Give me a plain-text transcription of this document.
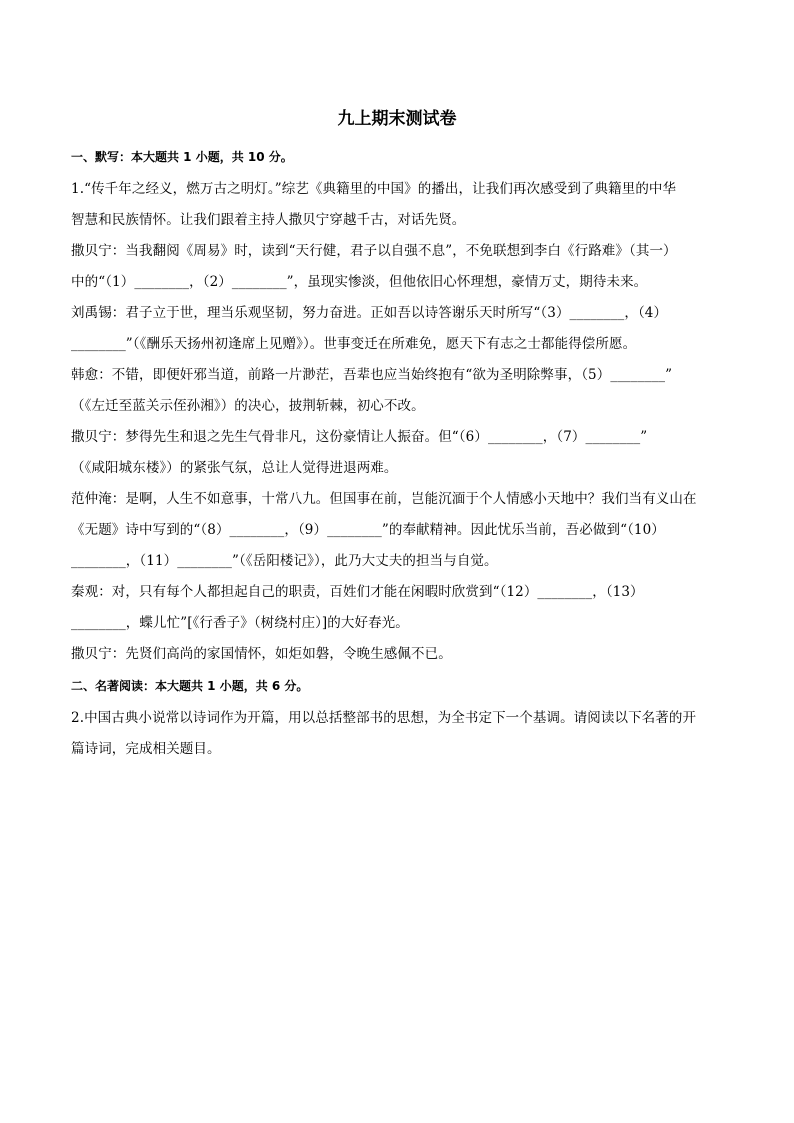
九上期末测试卷
一、默写：本大题共 1 小题，共 10 分。
1.“传千年之经义，燃万古之明灯。”综艺《典籍里的中国》的播出，让我们再次感受到了典籍里的中华
智慧和民族情怀。让我们跟着主持人撒贝宁穿越千古，对话先贤。
撒贝宁：当我翻阅《周易》时，读到“天行健，君子以自强不息”，不免联想到李白《行路难》（其一）
中的“（1）________，（2）________”，虽现实惨淡，但他依旧心怀理想，豪情万丈，期待未来。
刘禹锡：君子立于世，理当乐观坚韧，努力奋进。正如吾以诗答谢乐天时所写“（3）________，（4）
________”（《酬乐天扬州初逢席上见赠》）。世事变迁在所难免，愿天下有志之士都能得偿所愿。
韩愈：不错，即便奸邪当道，前路一片渺茫，吾辈也应当始终抱有“欲为圣明除弊事，（5）________”
（《左迁至蓝关示侄孙湘》）的决心，披荆斩棘，初心不改。
撒贝宁：梦得先生和退之先生气骨非凡，这份豪情让人振奋。但“（6）________，（7）________”
（《咸阳城东楼》）的紧张气氛，总让人觉得进退两难。
范仲淹：是啊，人生不如意事，十常八九。但国事在前，岂能沉湎于个人情感小天地中？我们当有义山在
《无题》诗中写到的“（8）________，（9）________”的奉献精神。因此忧乐当前，吾必做到“（10）
________，（11）________”（《岳阳楼记》），此乃大丈夫的担当与自觉。
秦观：对，只有每个人都担起自己的职责，百姓们才能在闲暇时欣赏到“（12）________，（13）
________，蝶儿忙”[《行香子》（树绕村庄）]的大好春光。
撒贝宁：先贤们高尚的家国情怀，如炬如磐，令晚生感佩不已。
二、名著阅读：本大题共 1 小题，共 6 分。
2.中国古典小说常以诗词作为开篇，用以总括整部书的思想，为全书定下一个基调。请阅读以下名著的开
篇诗词，完成相关题目。
